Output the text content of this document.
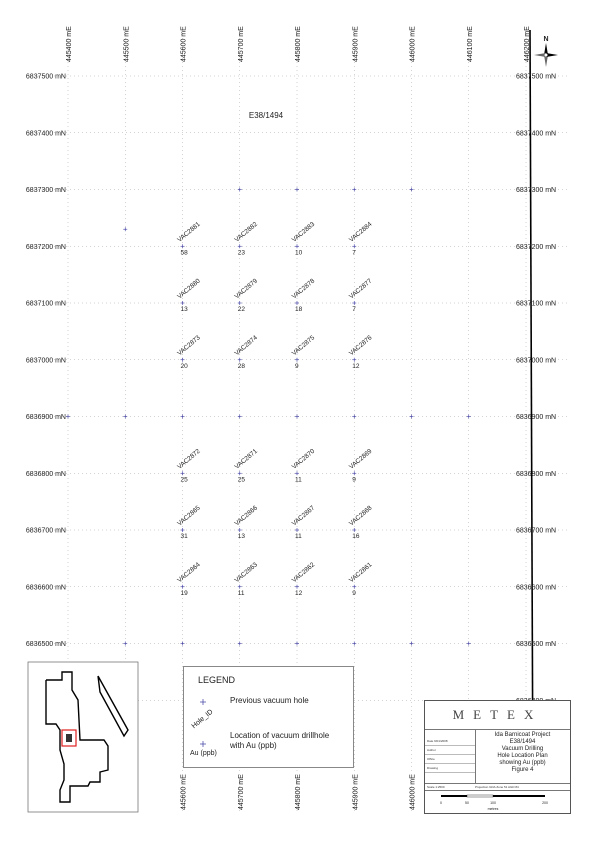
E38/1494
445400 mE	445500 mE	445600 mE	445700 mE	445800 mE	445900 mE	446000 mE	446100 mE	446200 mE
445600 mE	445700 mE	445800 mE	445900 mE	446000 mE
6837500 mN
6837400 mN
6837300 mN
6837200 mN
6837100 mN
6837000 mN
6836900 mN
6836800 mN
6836700 mN
6836600 mN
6836500 mN
6837500 mN
6837400 mN
6837300 mN
6837200 mN
6837100 mN
6837000 mN
6836900 mN
6836800 mN
6836700 mN
6836600 mN
6836500 mN
VAC2881
58
VAC2882
23
VAC2883
10
VAC2884
7
VAC2880
13
VAC2879
22
VAC2878
18
VAC2877
7
VAC2873
20
VAC2874
28
VAC2875
9
VAC2876
12
VAC2872
25
VAC2871
25
VAC2870
11
VAC2869
9
VAC2865
31
VAC2866
13
VAC2867
11
VAC2868
16
VAC2864
19
VAC2863
11
VAC2862
12
VAC2861
9
N
LEGEND
Previous vacuum hole
Hole_ID
Au (ppb)
Location of vacuum drillhole
with Au (ppb)
METEX
Date 9/01/2008
Author
Office
Drawing
Ida Barnicoat Project
E38/1494
Vacuum Drilling
Hole Location Plan
showing Au (ppb)
Figure 4
Scale 1:2500	Projection GDA Zone 51 AGD 84
0	50	100	200
metres
